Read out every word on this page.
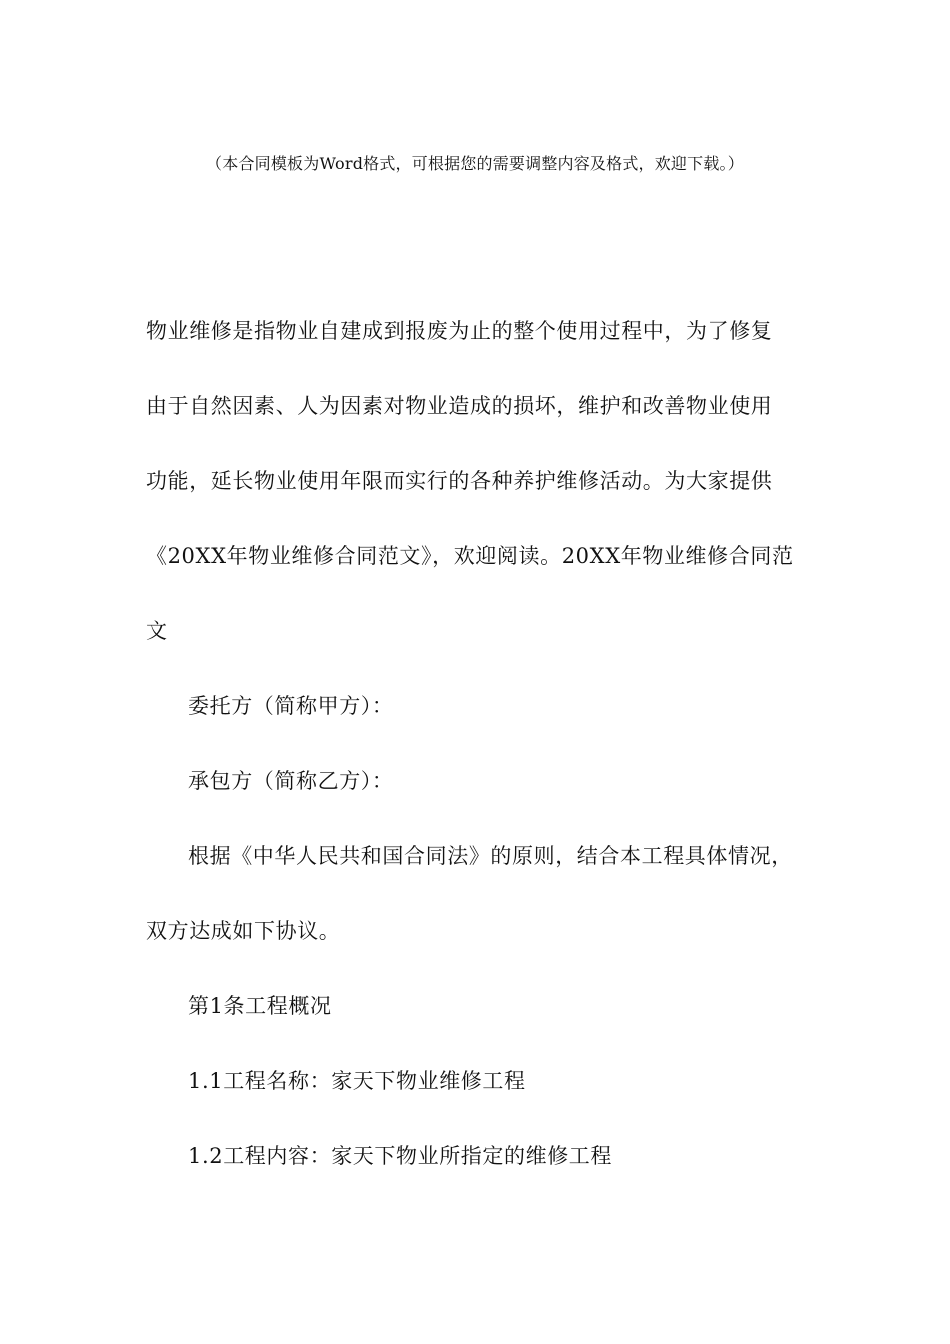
（本合同模板为Word格式，可根据您的需要调整内容及格式，欢迎下载。）
物业维修是指物业自建成到报废为止的整个使用过程中，为了修复
由于自然因素、人为因素对物业造成的损坏，维护和改善物业使用
功能，延长物业使用年限而实行的各种养护维修活动。为大家提供
《20XX年物业维修合同范文》，欢迎阅读。20XX年物业维修合同范
文
委托方（简称甲方）：
承包方（简称乙方）：
根据《中华人民共和国合同法》的原则，结合本工程具体情况，
双方达成如下协议。
第1条工程概况
1.1工程名称：家天下物业维修工程
1.2工程内容：家天下物业所指定的维修工程
